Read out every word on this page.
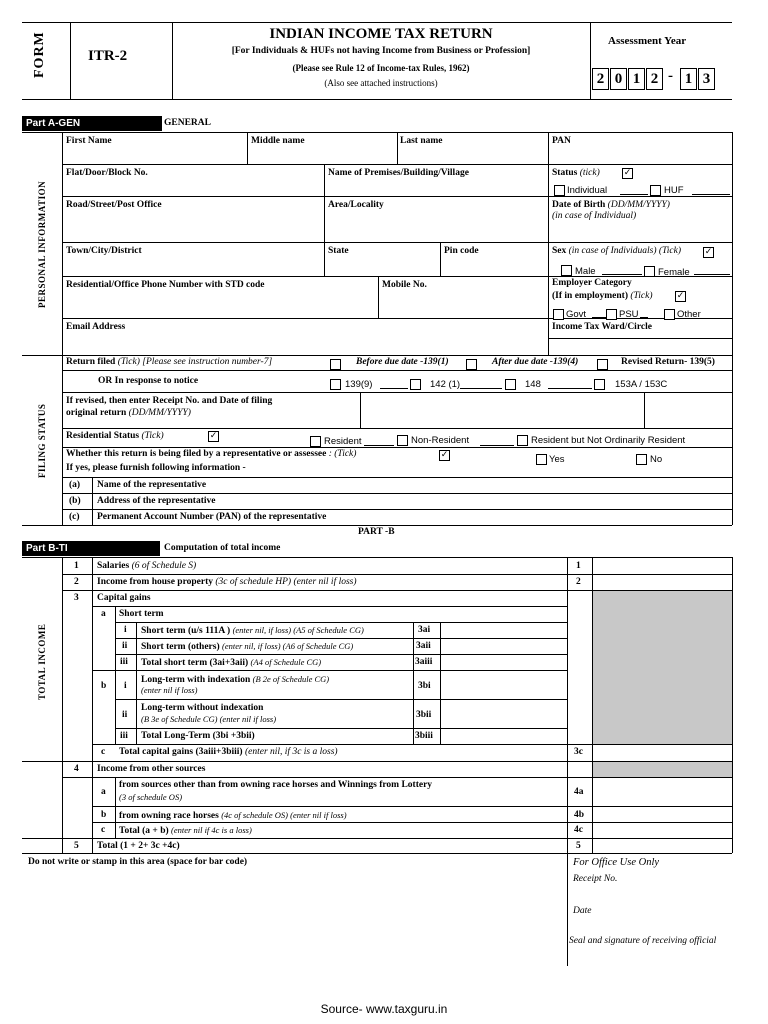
FORM	ITR-2
INDIAN INCOME TAX RETURN
[For Individuals & HUFs not having Income from Business or Profession]
(Please see Rule 12 of Income-tax Rules, 1962)
(Also see attached instructions)
Assessment Year
2 0 1 2 - 1 3
Part A-GEN	GENERAL
PERSONAL INFORMATION
First Name	Middle name	Last name	PAN
Flat/Door/Block No.	Name of Premises/Building/Village	Status (tick)	✓
Individual	HUF
Road/Street/Post Office	Area/Locality	Date of Birth (DD/MM/YYYY)
(in case of Individual)
Town/City/District	State	Pin code	Sex (in case of Individuals) (Tick)	✓
Male	Female
Residential/Office Phone Number with STD code	Mobile No.	Employer Category
(If in employment) (Tick)	✓
Govt	PSU	Other
Email Address	Income Tax Ward/Circle
FILING STATUS
Return filed (Tick) [Please see instruction number-7]	Before due date -139(1)	After due date -139(4)	Revised Return- 139(5)
OR In response to notice	139(9)	142 (1)	148	153A / 153C
If revised, then enter Receipt No. and Date of filing
original return (DD/MM/YYYY)
Residential Status (Tick)	✓	Resident	Non-Resident	Resident but Not Ordinarily Resident
Whether this return is being filed by a representative or assessee : (Tick)	✓	Yes	No
If yes, please furnish following information -
(a) Name of the representative
(b) Address of the representative
(c) Permanent Account Number (PAN) of the representative
PART -B
Part B-TI	Computation of total income
TOTAL INCOME
1 Salaries (6 of Schedule S)	1
2 Income from house property (3c of schedule HP) (enter nil if loss)	2
3 Capital gains
a Short term
i Short term (u/s 111A ) (enter nil, if loss) (A5 of Schedule CG)	3ai
ii Short term (others) (enter nil, if loss) (A6 of Schedule CG)	3aii
iii Total short term (3ai+3aii) (A4 of Schedule CG)	3aiii
b i
Long-term with indexation (B 2e of Schedule CG)
(enter nil if loss)	3bi
ii
Long-term without indexation
(B 3e of Schedule CG) (enter nil if loss)	3bii
iii Total Long-Term (3bi +3bii)	3biii
c Total capital gains (3aiii+3biii) (enter nil, if 3c is a loss)	3c
4 Income from other sources
a
from sources other than from owning race horses and Winnings from Lottery
(3 of schedule OS)	4a
b from owning race horses (4c of schedule OS) (enter nil if loss)	4b
c Total (a + b) (enter nil if 4c is a loss)	4c
5 Total (1 + 2+ 3c +4c)	5
Do not write or stamp in this area (space for bar code)	For Office Use Only
Receipt No.
Date
Seal and signature of receiving official
Source- www.taxguru.in
